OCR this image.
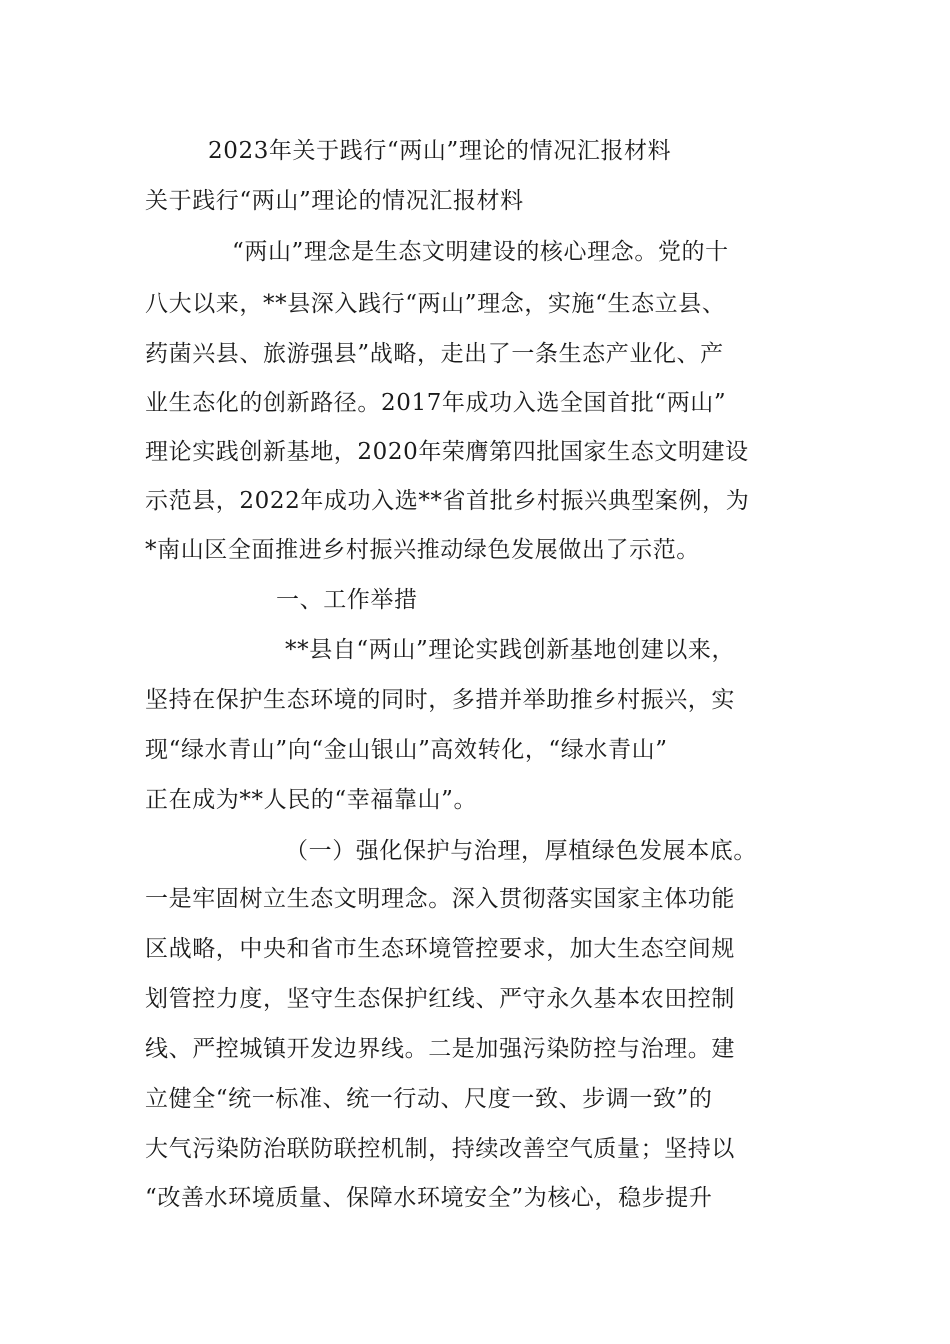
2023年关于践行“两山”理论的情况汇报材料
关于践行“两山”理论的情况汇报材料
“两山”理念是生态文明建设的核心理念。党的十
八大以来，**县深入践行“两山”理念，实施“生态立县、
药菌兴县、旅游强县”战略，走出了一条生态产业化、产
业生态化的创新路径。2017年成功入选全国首批“两山”
理论实践创新基地，2020年荣膺第四批国家生态文明建设
示范县，2022年成功入选**省首批乡村振兴典型案例，为
*南山区全面推进乡村振兴推动绿色发展做出了示范。
一、工作举措
**县自“两山”理论实践创新基地创建以来，
坚持在保护生态环境的同时，多措并举助推乡村振兴，实
现“绿水青山”向“金山银山”高效转化，“绿水青山”
正在成为**人民的“幸福靠山”。
（一）强化保护与治理，厚植绿色发展本底。
一是牢固树立生态文明理念。深入贯彻落实国家主体功能
区战略，中央和省市生态环境管控要求，加大生态空间规
划管控力度，坚守生态保护红线、严守永久基本农田控制
线、严控城镇开发边界线。二是加强污染防控与治理。建
立健全“统一标准、统一行动、尺度一致、步调一致”的
大气污染防治联防联控机制，持续改善空气质量；坚持以
“改善水环境质量、保障水环境安全”为核心，稳步提升
